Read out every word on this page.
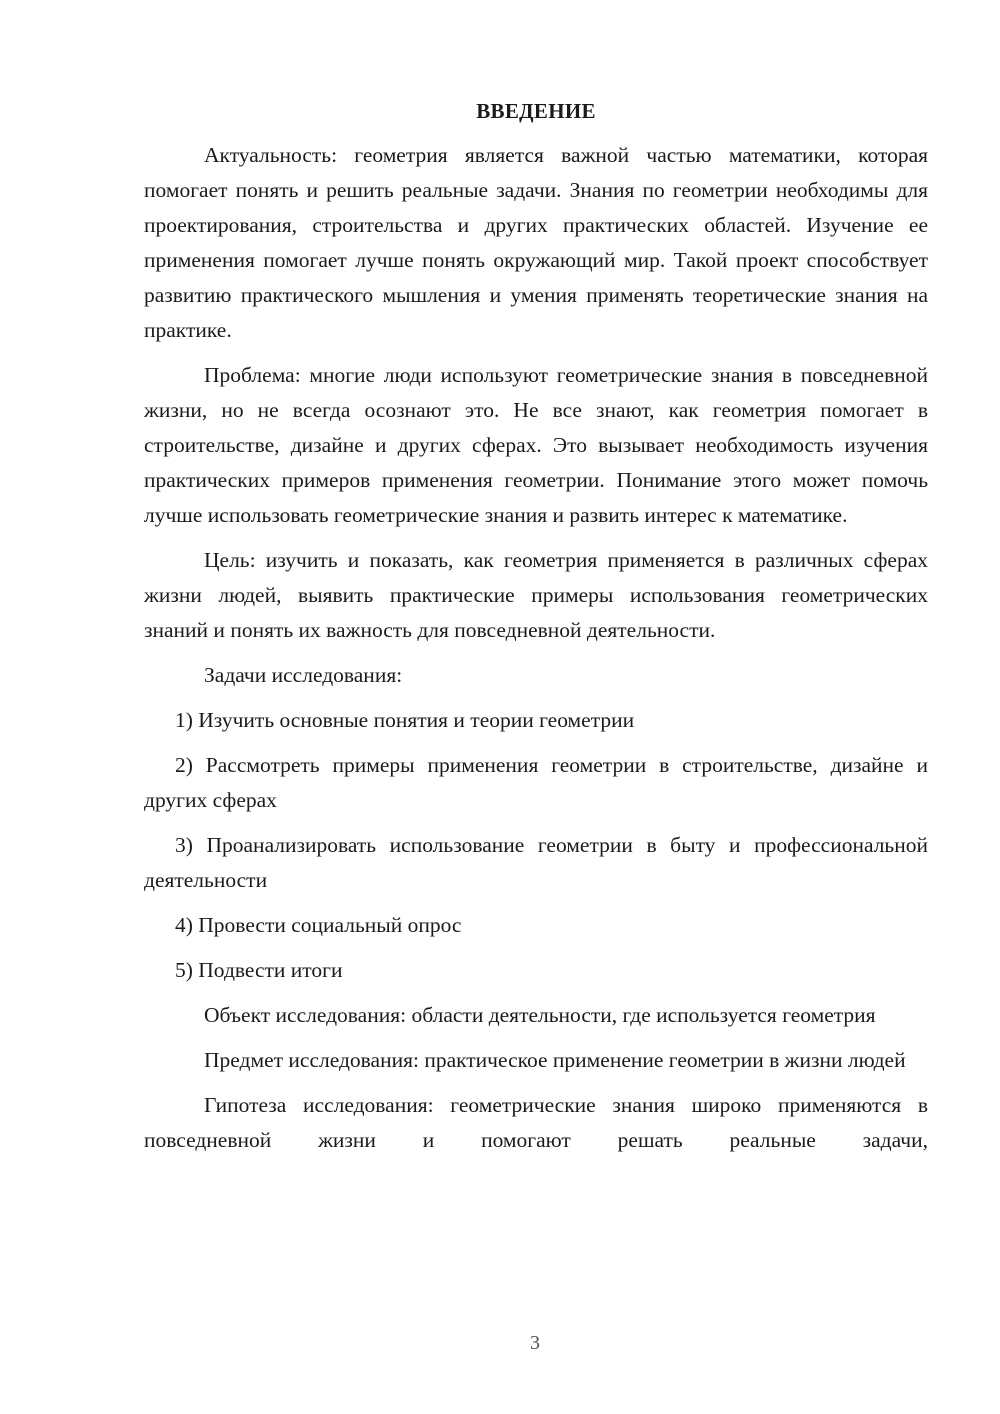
ВВЕДЕНИЕ

Актуальность: геометрия является важной частью математики, которая помогает понять и решить реальные задачи. Знания по геометрии необходимы для проектирования, строительства и других практических областей. Изучение ее применения помогает лучше понять окружающий мир. Такой проект способствует развитию практического мышления и умения применять теоретические знания на практике.

Проблема: многие люди используют геометрические знания в повседневной жизни, но не всегда осознают это. Не все знают, как геометрия помогает в строительстве, дизайне и других сферах. Это вызывает необходимость изучения практических примеров применения геометрии. Понимание этого может помочь лучше использовать геометрические знания и развить интерес к математике.

Цель: изучить и показать, как геометрия применяется в различных сферах жизни людей, выявить практические примеры использования геометрических знаний и понять их важность для повседневной деятельности.

Задачи исследования:

1) Изучить основные понятия и теории геометрии

2) Рассмотреть примеры применения геометрии в строительстве, дизайне и других сферах

3) Проанализировать использование геометрии в быту и профессиональной деятельности

4) Провести социальный опрос

5) Подвести итоги

Объект исследования: области деятельности, где используется геометрия

Предмет исследования: практическое применение геометрии в жизни людей

Гипотеза исследования: геометрические знания широко применяются в повседневной жизни и помогают решать реальные задачи,

3
